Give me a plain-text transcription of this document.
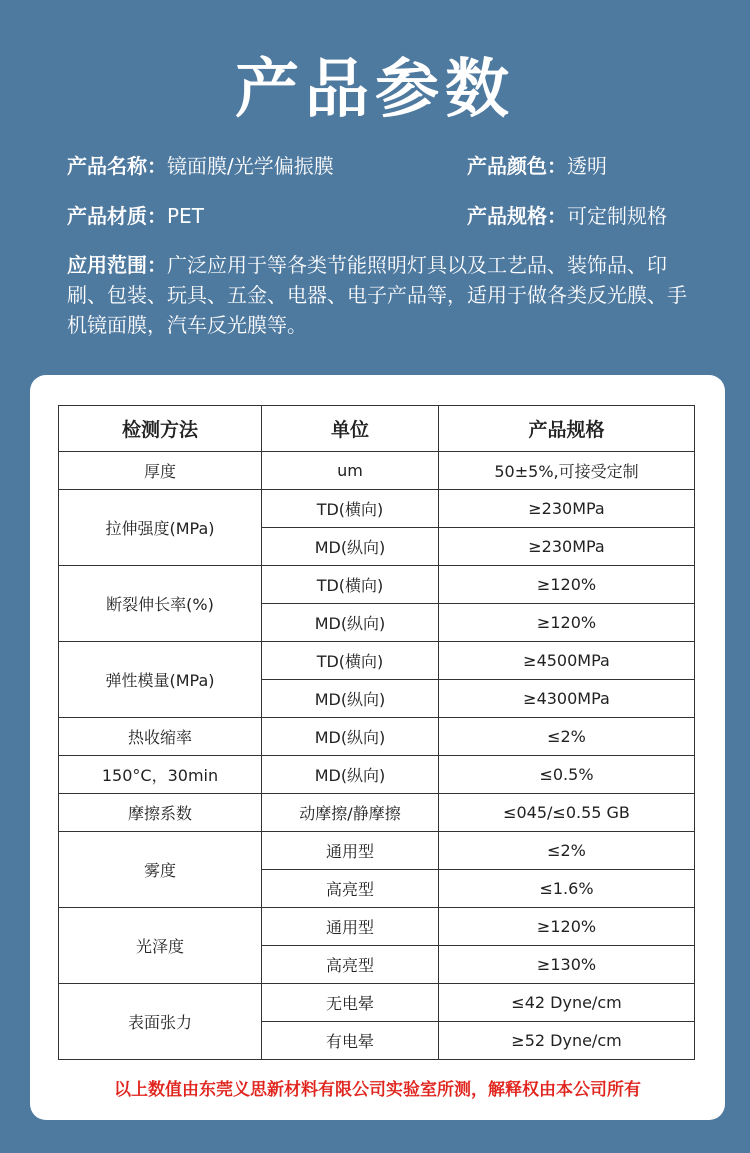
产品参数
产品名称：镜面膜/光学偏振膜	产品颜色：透明
产品材质：PET	产品规格：可定制规格
应用范围：广泛应用于等各类节能照明灯具以及工艺品、装饰品、印刷、包装、玩具、五金、电器、电子产品等，适用于做各类反光膜、手机镜面膜，汽车反光膜等。
检测方法	单位	产品规格
厚度	um	50±5%,可接受定制
拉伸强度(MPa)	TD(横向)	≥230MPa
	MD(纵向)	≥230MPa
断裂伸长率(%)	TD(横向)	≥120%
	MD(纵向)	≥120%
弹性模量(MPa)	TD(横向)	≥4500MPa
	MD(纵向)	≥4300MPa
热收缩率	MD(纵向)	≤2%
150°C，30min	MD(纵向)	≤0.5%
摩擦系数	动摩擦/静摩擦	≤045/≤0.55 GB
雾度	通用型	≤2%
	高亮型	≤1.6%
光泽度	通用型	≥120%
	高亮型	≥130%
表面张力	无电晕	≤42 Dyne/cm
	有电晕	≥52 Dyne/cm
以上数值由东莞义思新材料有限公司实验室所测，解释权由本公司所有
